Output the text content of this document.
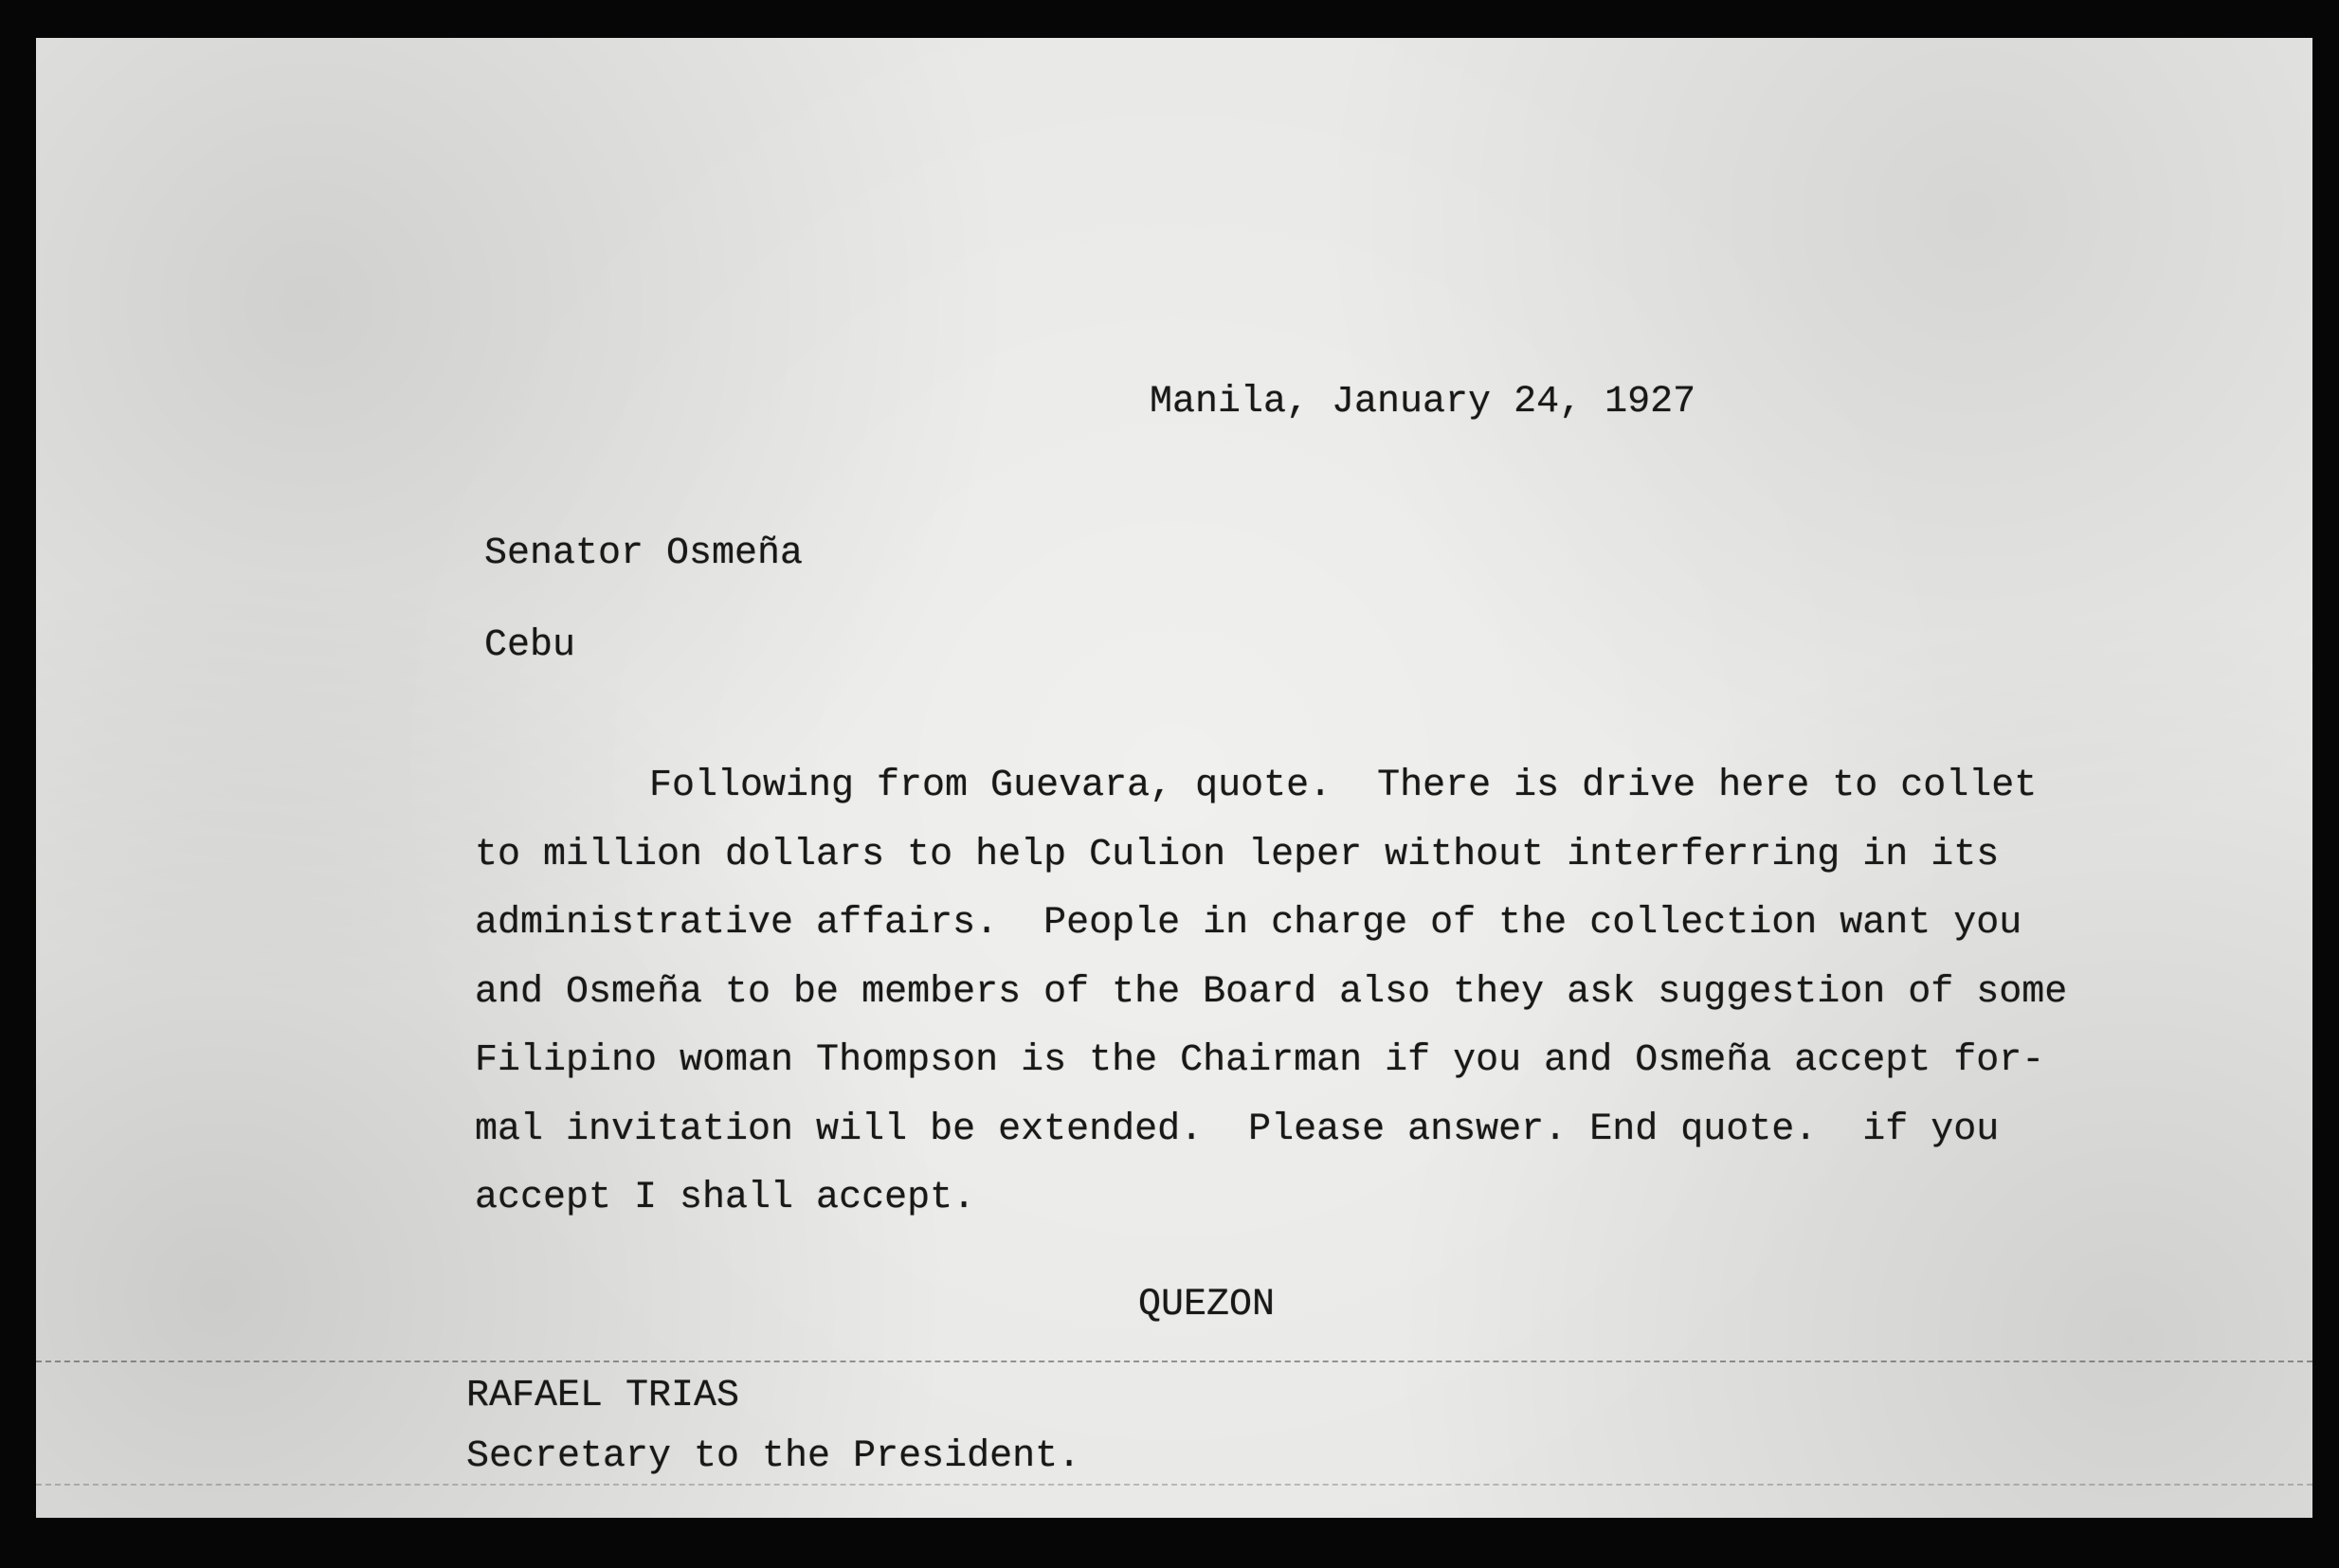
Manila, January 24, 1927
Senator Osmeña
Cebu
Following from Guevara, quote.  There is drive here to collet
to million dollars to help Culion leper without interferring in its
administrative affairs.  People in charge of the collection want you
and Osmeña to be members of the Board also they ask suggestion of some
Filipino woman Thompson is the Chairman if you and Osmeña accept for-
mal invitation will be extended.  Please answer. End quote.  if you
accept I shall accept.
QUEZON
RAFAEL TRIAS
Secretary to the President.
